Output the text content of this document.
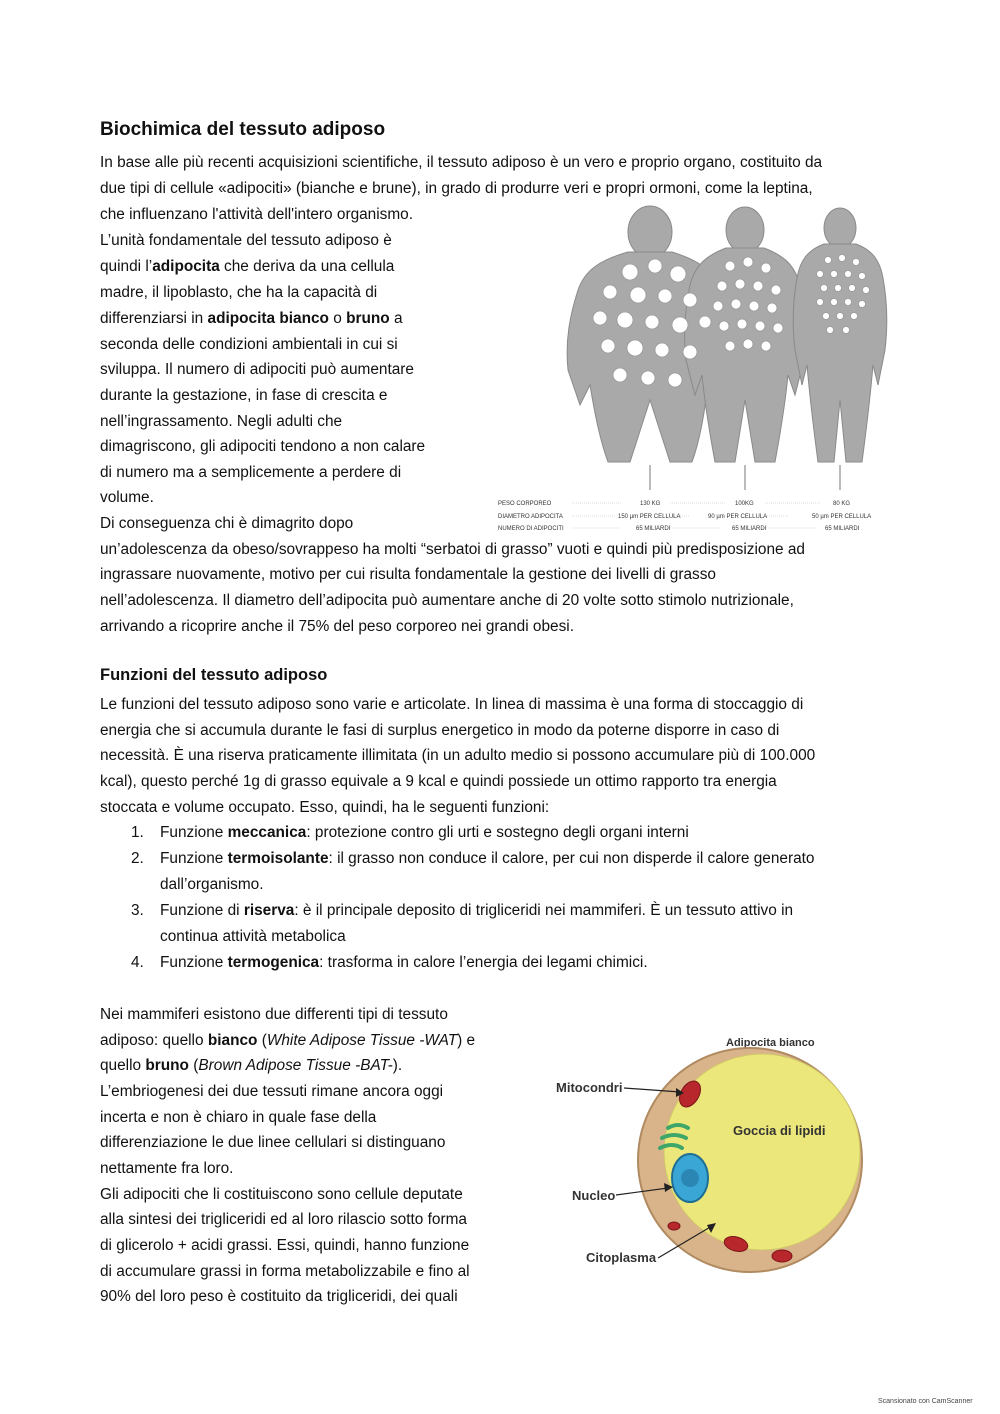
Biochimica del tessuto adiposo
In base alle più recenti acquisizioni scientifiche, il tessuto adiposo è un vero e proprio organo, costituito da
due tipi di cellule «adipociti» (bianche e brune), in grado di produrre veri e propri ormoni, come la leptina,
che influenzano l'attività dell'intero organismo.
L’unità fondamentale del tessuto adiposo è
quindi l’adipocita che deriva da una cellula
madre, il lipoblasto, che ha la capacità di
differenziarsi in adipocita bianco o bruno a
seconda delle condizioni ambientali in cui si
sviluppa. Il numero di adipociti può aumentare
durante la gestazione, in fase di crescita e
nell’ingrassamento. Negli adulti che
dimagriscono, gli adipociti tendono a non calare
di numero ma a semplicemente a perdere di
volume.
Di conseguenza chi è dimagrito dopo
un’adolescenza da obeso/sovrappeso ha molti “serbatoi di grasso” vuoti e quindi più predisposizione ad
ingrassare nuovamente, motivo per cui risulta fondamentale la gestione dei livelli di grasso
nell’adolescenza. Il diametro dell’adipocita può aumentare anche di 20 volte sotto stimolo nutrizionale,
arrivando a ricoprire anche il 75% del peso corporeo nei grandi obesi.
PESO CORPOREO
DIAMETRO ADIPOCITA
NUMERO DI ADIPOCITI
130 KG
150 µm PER CELLULA
65 MILIARDI
100KG
90 µm PER CELLULA
65 MILIARDI
80 KG
50 µm PER CELLULA
65 MILIARDI
Funzioni del tessuto adiposo
Le funzioni del tessuto adiposo sono varie e articolate. In linea di massima è una forma di stoccaggio di
energia che si accumula durante le fasi di surplus energetico in modo da poterne disporre in caso di
necessità. È una riserva praticamente illimitata (in un adulto medio si possono accumulare più di 100.000
kcal), questo perché 1g di grasso equivale a 9 kcal e quindi possiede un ottimo rapporto tra energia
stoccata e volume occupato. Esso, quindi, ha le seguenti funzioni:
1. Funzione meccanica: protezione contro gli urti e sostegno degli organi interni
2. Funzione termoisolante: il grasso non conduce il calore, per cui non disperde il calore generato
dall’organismo.
3. Funzione di riserva: è il principale deposito di trigliceridi nei mammiferi. È un tessuto attivo in
continua attività metabolica
4. Funzione termogenica: trasforma in calore l’energia dei legami chimici.
Nei mammiferi esistono due differenti tipi di tessuto
adiposo: quello bianco (White Adipose Tissue -WAT) e
quello bruno (Brown Adipose Tissue -BAT-).
L’embriogenesi dei due tessuti rimane ancora oggi
incerta e non è chiaro in quale fase della
differenziazione le due linee cellulari si distinguano
nettamente fra loro.
Gli adipociti che li costituiscono sono cellule deputate
alla sintesi dei trigliceridi ed al loro rilascio sotto forma
di glicerolo + acidi grassi. Essi, quindi, hanno funzione
di accumulare grassi in forma metabolizzabile e fino al
90% del loro peso è costituito da trigliceridi, dei quali
Adipocita bianco
Goccia di lipidi
Mitocondri
Nucleo
Citoplasma
Scansionato con CamScanner
